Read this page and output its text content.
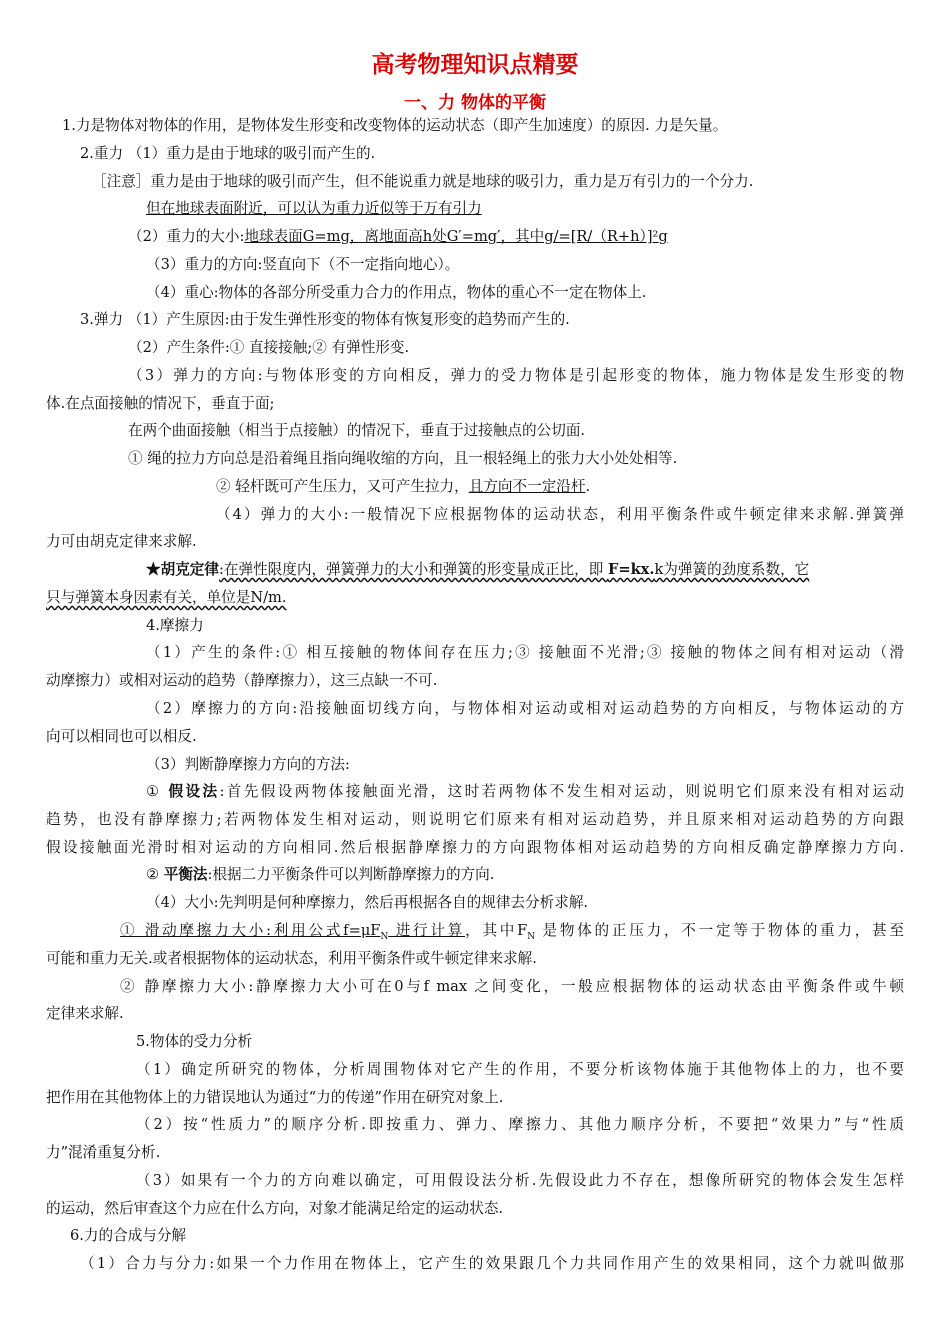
高考物理知识点精要
一、力 物体的平衡
1.力是物体对物体的作用，是物体发生形变和改变物体的运动状态（即产生加速度）的原因. 力是矢量。
2.重力 （1）重力是由于地球的吸引而产生的.
［注意］重力是由于地球的吸引而产生，但不能说重力就是地球的吸引力，重力是万有引力的一个分力.
但在地球表面附近，可以认为重力近似等于万有引力
（2）重力的大小:地球表面G=mg，离地面高h处G′=mg′，其中g/=[R/（R+h）]²g
（3）重力的方向:竖直向下（不一定指向地心）。
（4）重心:物体的各部分所受重力合力的作用点，物体的重心不一定在物体上.
3.弹力 （1）产生原因:由于发生弹性形变的物体有恢复形变的趋势而产生的.
（2）产生条件:① 直接接触;② 有弹性形变.
（3）弹力的方向:与物体形变的方向相反，弹力的受力物体是引起形变的物体，施力物体是发生形变的物
体.在点面接触的情况下，垂直于面;
在两个曲面接触（相当于点接触）的情况下，垂直于过接触点的公切面.
① 绳的拉力方向总是沿着绳且指向绳收缩的方向，且一根轻绳上的张力大小处处相等.
② 轻杆既可产生压力，又可产生拉力，且方向不一定沿杆.
（4）弹力的大小:一般情况下应根据物体的运动状态，利用平衡条件或牛顿定律来求解.弹簧弹
力可由胡克定律来求解.
★胡克定律:在弹性限度内，弹簧弹力的大小和弹簧的形变量成正比，即 F=kx.k为弹簧的劲度系数，它
只与弹簧本身因素有关，单位是N/m.
4.摩擦力
（1）产生的条件:① 相互接触的物体间存在压力;③ 接触面不光滑;③ 接触的物体之间有相对运动（滑
动摩擦力）或相对运动的趋势（静摩擦力），这三点缺一不可.
（2）摩擦力的方向:沿接触面切线方向，与物体相对运动或相对运动趋势的方向相反，与物体运动的方
向可以相同也可以相反.
（3）判断静摩擦力方向的方法:
① 假设法:首先假设两物体接触面光滑，这时若两物体不发生相对运动，则说明它们原来没有相对运动
趋势，也没有静摩擦力;若两物体发生相对运动，则说明它们原来有相对运动趋势，并且原来相对运动趋势的方向跟
假设接触面光滑时相对运动的方向相同.然后根据静摩擦力的方向跟物体相对运动趋势的方向相反确定静摩擦力方向.
② 平衡法:根据二力平衡条件可以判断静摩擦力的方向.
（4）大小:先判明是何种摩擦力，然后再根据各自的规律去分析求解.
① 滑动摩擦力大小:利用公式$f=\mu F_N$ 进行计算，其中$F_N$ 是物体的正压力，不一定等于物体的重力，甚至
可能和重力无关.或者根据物体的运动状态，利用平衡条件或牛顿定律来求解.
② 静摩擦力大小:静摩擦力大小可在0与f max 之间变化，一般应根据物体的运动状态由平衡条件或牛顿
定律来求解.
5.物体的受力分析
（1）确定所研究的物体，分析周围物体对它产生的作用，不要分析该物体施于其他物体上的力，也不要
把作用在其他物体上的力错误地认为通过“力的传递”作用在研究对象上.
（2）按“性质力”的顺序分析.即按重力、弹力、摩擦力、其他力顺序分析，不要把“效果力”与“性质
力”混淆重复分析.
（3）如果有一个力的方向难以确定，可用假设法分析.先假设此力不存在，想像所研究的物体会发生怎样
的运动，然后审查这个力应在什么方向，对象才能满足给定的运动状态.
6.力的合成与分解
（1）合力与分力:如果一个力作用在物体上，它产生的效果跟几个力共同作用产生的效果相同，这个力就叫做那
